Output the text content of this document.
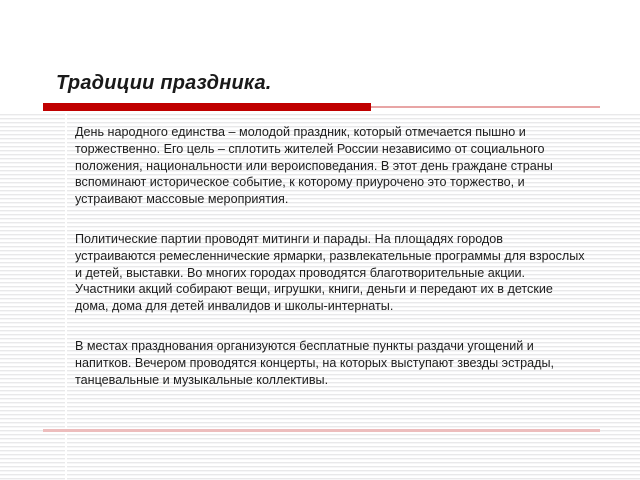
Традиции праздника.

День народного единства – молодой праздник, который отмечается пышно и торжественно. Его цель – сплотить жителей России независимо от социального положения, национальности или вероисповедания. В этот день граждане страны вспоминают историческое событие, к которому приурочено это торжество, и устраивают массовые мероприятия.

Политические партии проводят митинги и парады. На площадях городов устраиваются ремесленнические ярмарки, развлекательные программы для взрослых и детей, выставки. Во многих городах проводятся благотворительные акции. Участники акций собирают вещи, игрушки, книги, деньги и передают их в детские дома, дома для детей инвалидов и школы-интернаты.

В местах празднования организуются бесплатные пункты раздачи угощений и напитков. Вечером проводятся концерты, на которых выступают звезды эстрады, танцевальные и музыкальные коллективы.
